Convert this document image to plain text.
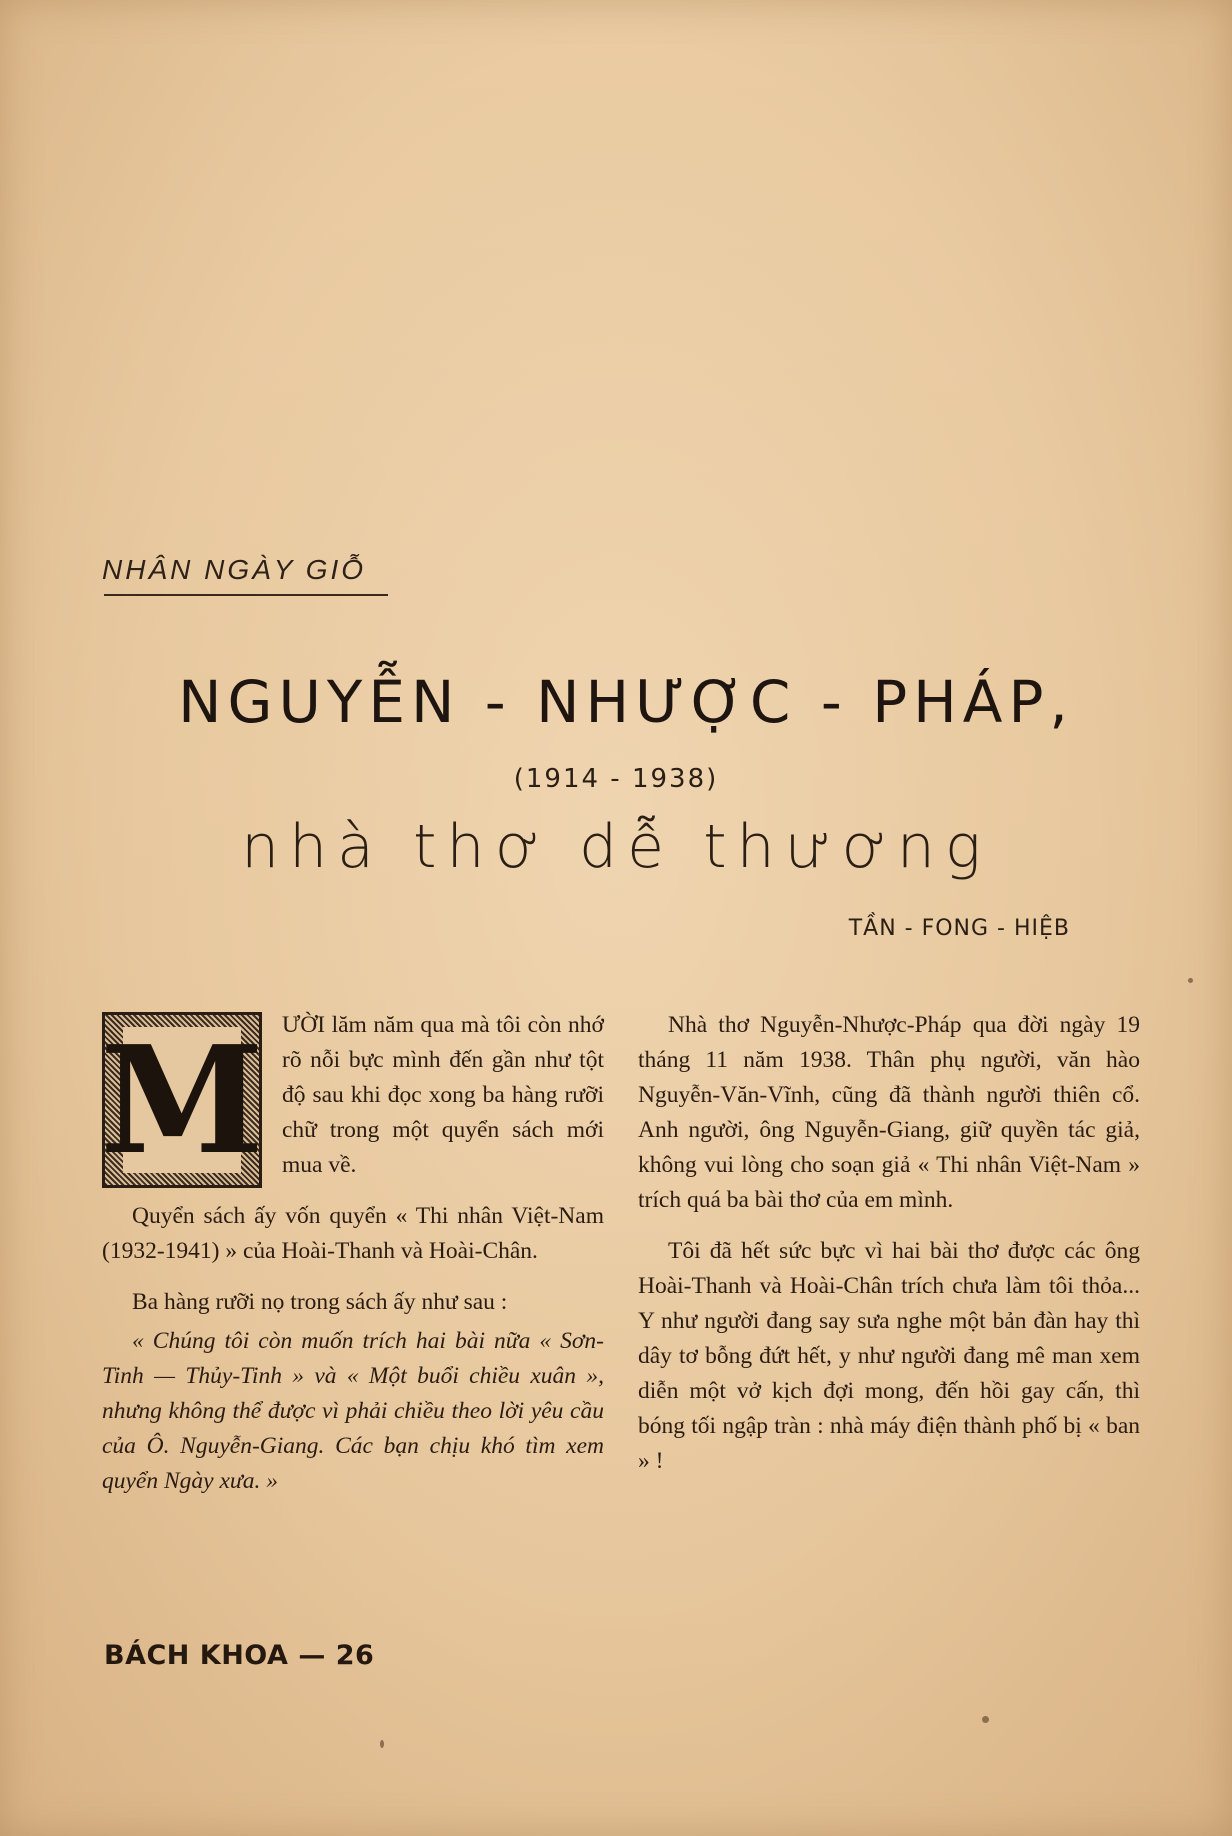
NHÂN NGÀY GIỖ
NGUYỄN - NHƯỢC - PHÁP,
(1914 - 1938)
nhà thơ dễ thương
TẦN - FONG - HIỆB
M ƯỜI lăm năm qua mà tôi còn nhớ rõ nỗi bực mình đến gần như tột độ sau khi đọc xong ba hàng rưỡi chữ trong một quyển sách mới mua về.

Quyển sách ấy vốn quyển « Thi nhân Việt-Nam (1932-1941) » của Hoài-Thanh và Hoài-Chân.

Ba hàng rưỡi nọ trong sách ấy như sau :

« Chúng tôi còn muốn trích hai bài nữa « Sơn-Tinh — Thủy-Tinh » và « Một buổi chiều xuân », nhưng không thể được vì phải chiều theo lời yêu cầu của Ô. Nguyễn-Giang. Các bạn chịu khó tìm xem quyển Ngày xưa. »

Nhà thơ Nguyễn-Nhược-Pháp qua đời ngày 19 tháng 11 năm 1938. Thân phụ người, văn hào Nguyễn-Văn-Vĩnh, cũng đã thành người thiên cổ. Anh người, ông Nguyễn-Giang, giữ quyền tác giả, không vui lòng cho soạn giả « Thi nhân Việt-Nam » trích quá ba bài thơ của em mình.

Tôi đã hết sức bực vì hai bài thơ được các ông Hoài-Thanh và Hoài-Chân trích chưa làm tôi thỏa... Y như người đang say sưa nghe một bản đàn hay thì dây tơ bỗng đứt hết, y như người đang mê man xem diễn một vở kịch đợi mong, đến hồi gay cấn, thì bóng tối ngập tràn : nhà máy điện thành phố bị « ban » !

BÁCH KHOA — 26
